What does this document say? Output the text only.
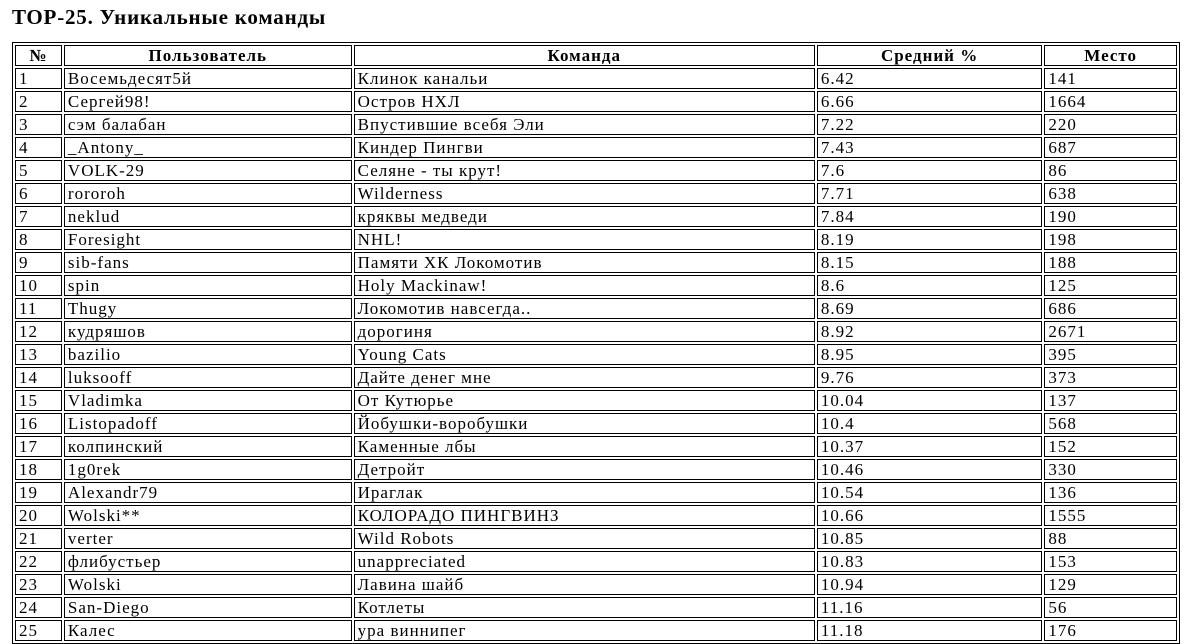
TOP-25. Уникальные команды
№	Пользователь	Команда	Средний %	Место
1	Восемьдесят5й	Клинок канальи	6.42	141
2	Сергей98!	Остров НХЛ	6.66	1664
3	сэм балабан	Впустившие всебя Эли	7.22	220
4	_Antony_	Киндер Пингви	7.43	687
5	VOLK-29	Селяне - ты крут!	7.6	86
6	rororoh	Wilderness	7.71	638
7	neklud	кряквы медведи	7.84	190
8	Foresight	NHL!	8.19	198
9	sib-fans	Памяти ХК Локомотив	8.15	188
10	spin	Holy Mackinaw!	8.6	125
11	Thugy	Локомотив навсегда..	8.69	686
12	кудряшов	дорогиня	8.92	2671
13	bazilio	Young Cats	8.95	395
14	luksooff	Дайте денег мне	9.76	373
15	Vladimka	От Кутюрье	10.04	137
16	Listopadoff	Йобушки-воробушки	10.4	568
17	колпинский	Каменные лбы	10.37	152
18	1g0rek	Детройт	10.46	330
19	Alexandr79	Ираглак	10.54	136
20	Wolski**	КОЛОРАДО ПИНГВИНЗ	10.66	1555
21	verter	Wild Robots	10.85	88
22	флибустьер	unappreciated	10.83	153
23	Wolski	Лавина шайб	10.94	129
24	San-Diego	Котлеты	11.16	56
25	Калес	ура виннипег	11.18	176
